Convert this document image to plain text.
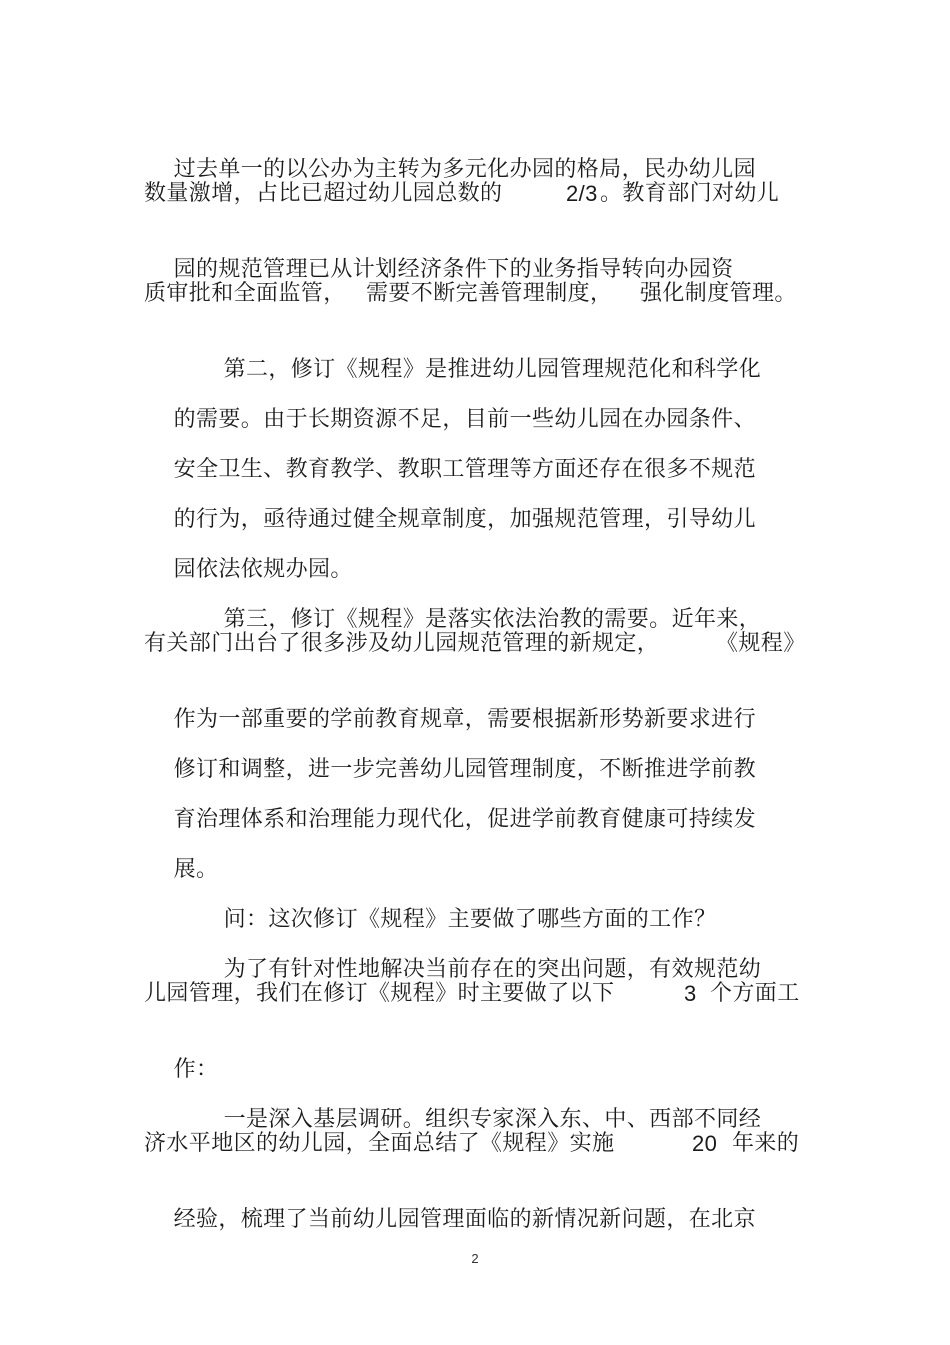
过去单一的以公办为主转为多元化办园的格局，民办幼儿园

数量激增，占比已超过幼儿园总数的

	2/3

。教育部门对幼儿

园的规范管理已从计划经济条件下的业务指导转向办园资

质审批和全面监管，

需要不断完善管理制度，

强化制度管理。

第二，修订《规程》是推进幼儿园管理规范化和科学化

的需要。由于长期资源不足，目前一些幼儿园在办园条件、

安全卫生、教育教学、教职工管理等方面还存在很多不规范

的行为，亟待通过健全规章制度，加强规范管理，引导幼儿

园依法依规办园。

第三，修订《规程》是落实依法治教的需要。近年来，

有关部门出台了很多涉及幼儿园规范管理的新规定，

	《规程》

作为一部重要的学前教育规章，需要根据新形势新要求进行

修订和调整，进一步完善幼儿园管理制度，不断推进学前教

育治理体系和治理能力现代化，促进学前教育健康可持续发

展。

问：这次修订《规程》主要做了哪些方面的工作？

为了有针对性地解决当前存在的突出问题，有效规范幼

儿园管理，我们在修订《规程》时主要做了以下

	3

个方面工

作：

一是深入基层调研。组织专家深入东、中、西部不同经

济水平地区的幼儿园，全面总结了《规程》实施

	20

年来的

经验，梳理了当前幼儿园管理面临的新情况新问题，在北京

2
